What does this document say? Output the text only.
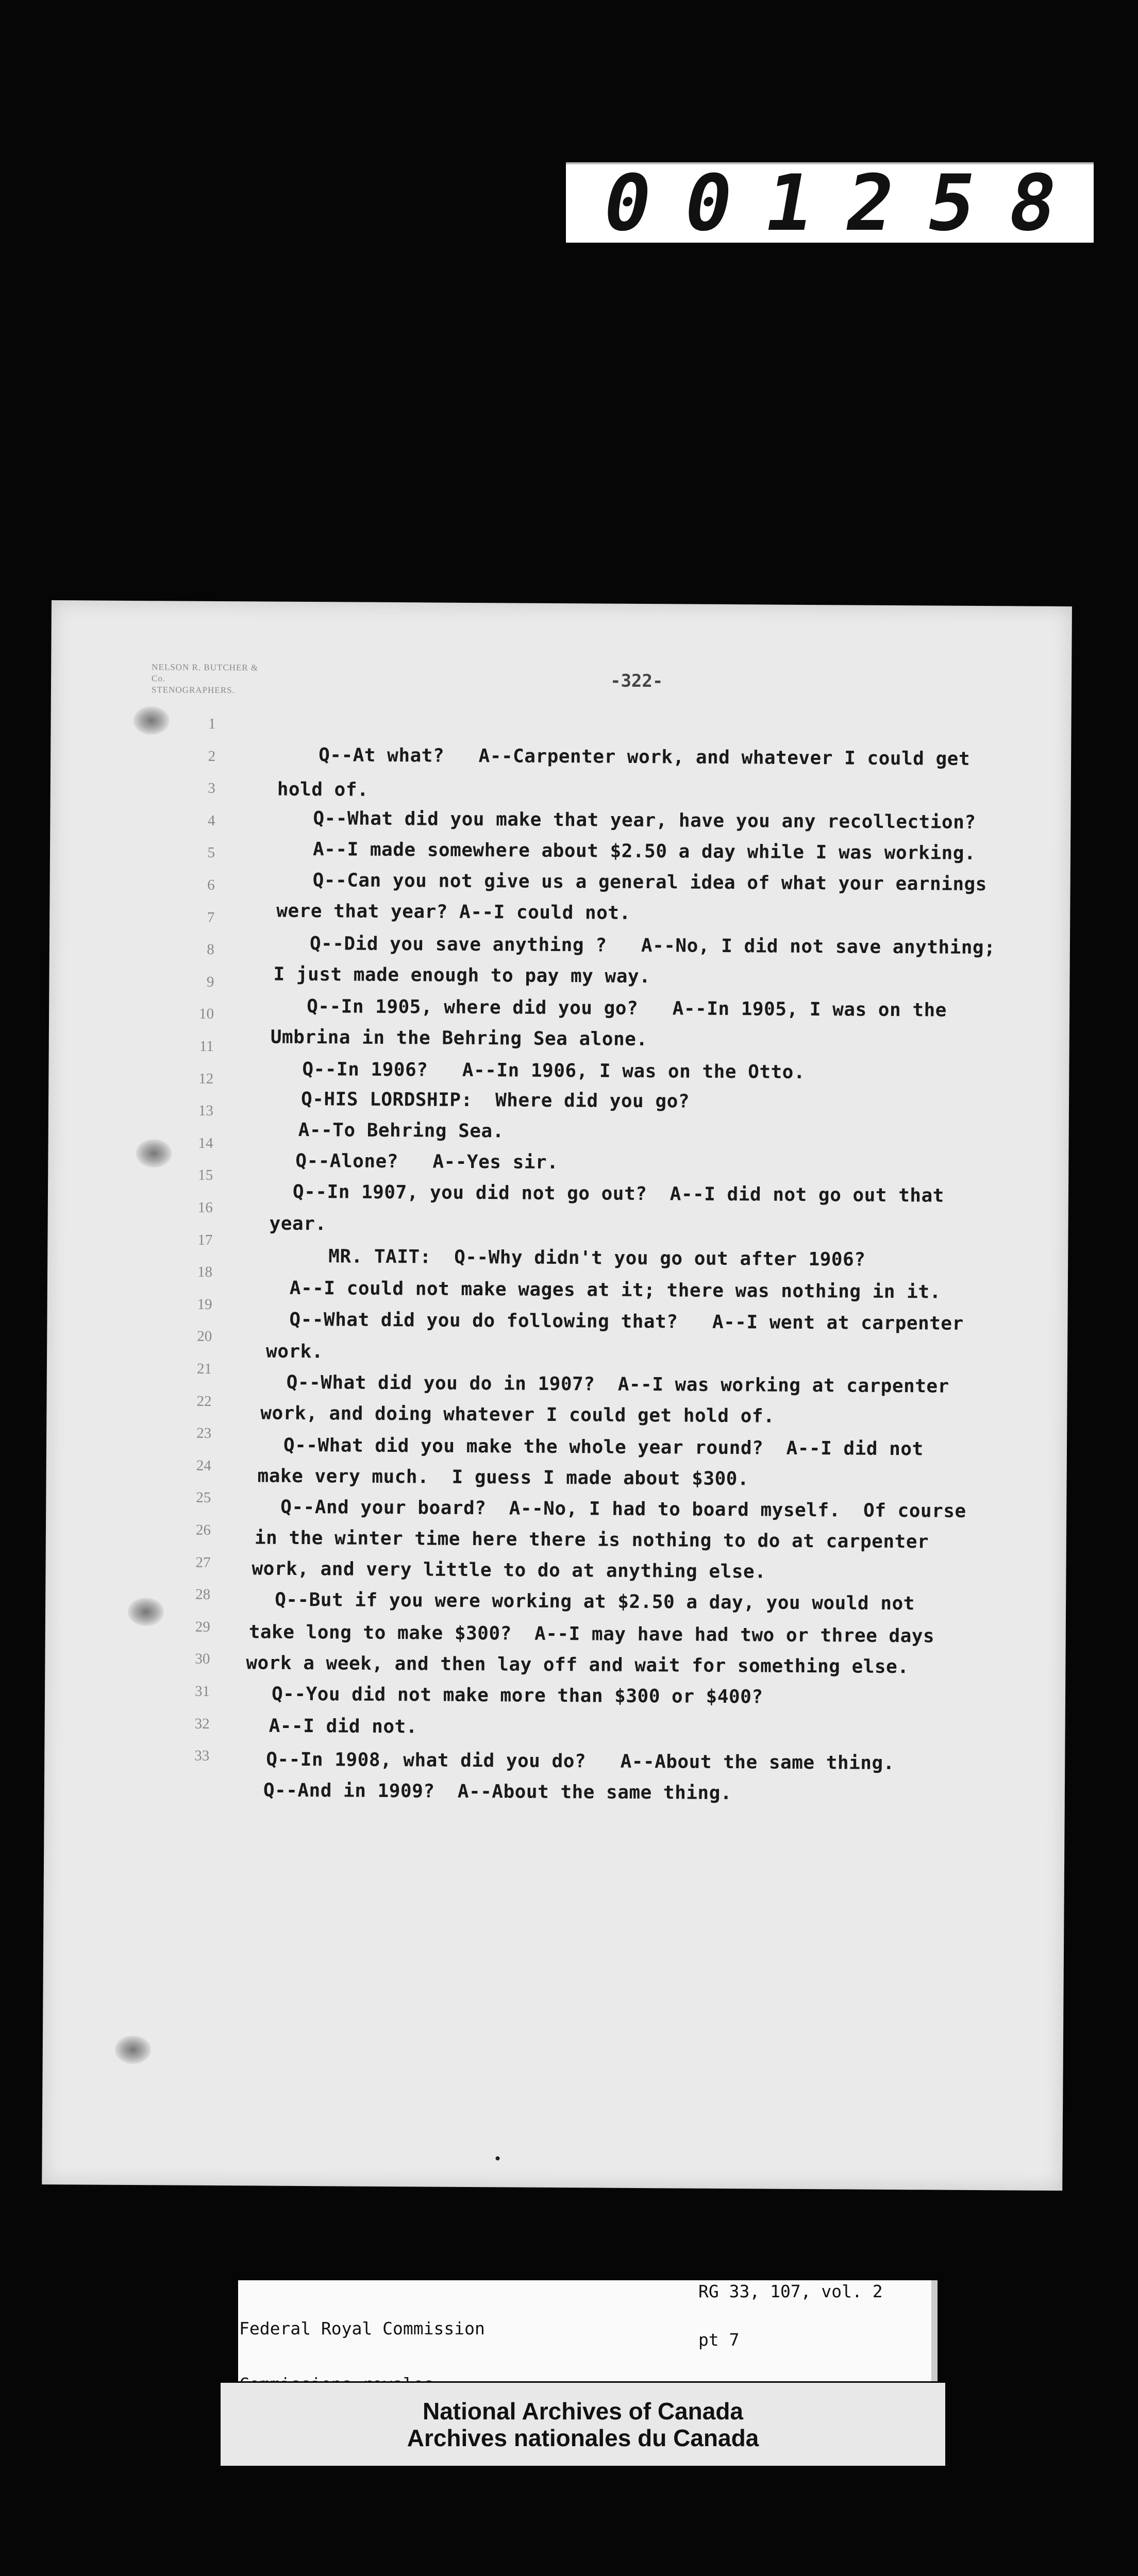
0 0 1 2 5 8
NELSON R. BUTCHER & Co.
STENOGRAPHERS.	-322-
1
2
3
4
5
6
7
8
9
10
11
12
13
14
15
16
17
18
19
20
21
22
23
24
25
26
27
28
29
30
31
32
33
Q--At what?   A--Carpenter work, and whatever I could get
hold of.
Q--What did you make that year, have you any recollection?
A--I made somewhere about $2.50 a day while I was working.
Q--Can you not give us a general idea of what your earnings
were that year? A--I could not.
Q--Did you save anything ?   A--No, I did not save anything;
I just made enough to pay my way.
Q--In 1905, where did you go?   A--In 1905, I was on the
Umbrina in the Behring Sea alone.
Q--In 1906?   A--In 1906, I was on the Otto.
Q-HIS LORDSHIP:  Where did you go?
A--To Behring Sea.
Q--Alone?   A--Yes sir.
Q--In 1907, you did not go out?  A--I did not go out that
year.
MR. TAIT:  Q--Why didn't you go out after 1906?
A--I could not make wages at it; there was nothing in it.
Q--What did you do following that?   A--I went at carpenter
work.
Q--What did you do in 1907?  A--I was working at carpenter
work, and doing whatever I could get hold of.
Q--What did you make the whole year round?  A--I did not
make very much.  I guess I made about $300.
Q--And your board?  A--No, I had to board myself.  Of course
in the winter time here there is nothing to do at carpenter
work, and very little to do at anything else.
Q--But if you were working at $2.50 a day, you would not
take long to make $300?  A--I may have had two or three days
work a week, and then lay off and wait for something else.
Q--You did not make more than $300 or $400?
A--I did not.
Q--In 1908, what did you do?   A--About the same thing.
Q--And in 1909?  A--About the same thing.

Federal Royal Commission

RG 33, 107, vol. 2
pt 7
National Archives of Canada
Archives nationales du Canada
